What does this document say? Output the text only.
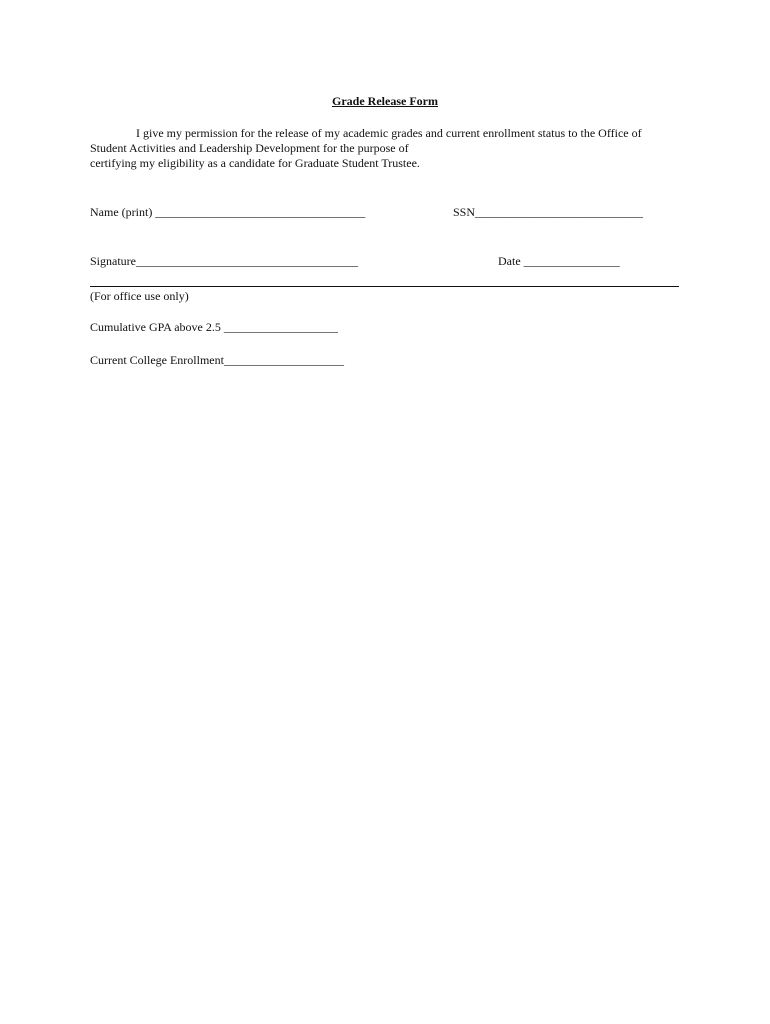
Grade Release Form
I give my permission for the release of my academic grades and current enrollment status to the Office of
Student Activities and Leadership Development for the purpose of
certifying my eligibility as a candidate for Graduate Student Trustee.
Name (print) ___________________________________	SSN____________________________
Signature_____________________________________	Date ________________
(For office use only)
Cumulative GPA above 2.5 ___________________
Current College Enrollment____________________
